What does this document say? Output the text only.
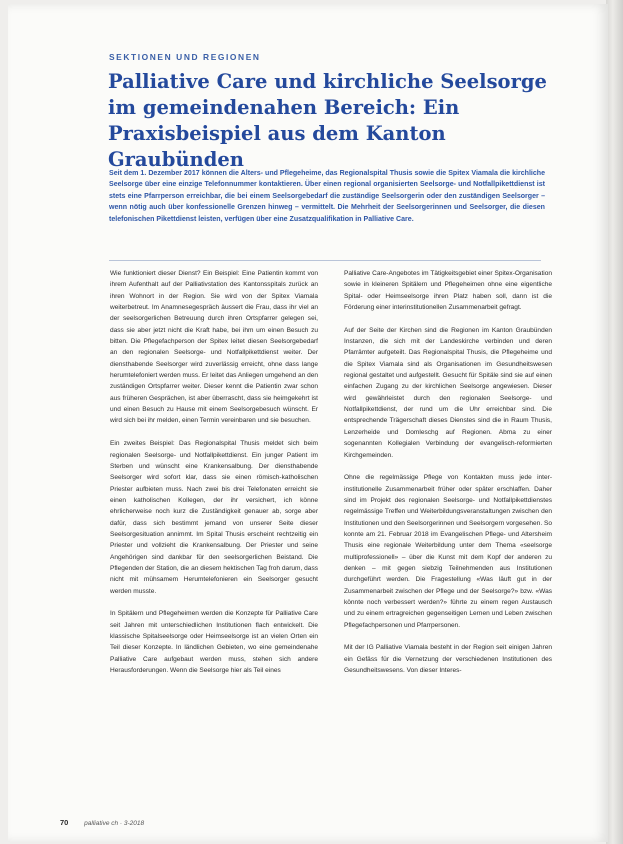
SEKTIONEN UND REGIONEN
Palliative Care und kirchliche Seelsorge im gemeindenahen Bereich: Ein Praxisbeispiel aus dem Kanton Graubünden

Seit dem 1. Dezember 2017 können die Alters- und Pflegeheime, das Regionalspital Thusis sowie die Spitex Viamala die kirchliche Seelsorge über eine einzige Telefonnummer kontaktieren. Über einen regional organisierten Seelsorge- und Notfallpikettdienst ist stets eine Pfarrperson erreichbar, die bei einem Seelsorgebedarf die zuständige Seelsorgerin oder den zuständigen Seelsorger – wenn nötig auch über konfessionelle Grenzen hinweg – vermittelt. Die Mehrheit der Seelsorgerinnen und Seelsorger, die diesen telefonischen Pikettdienst leisten, verfügen über eine Zusatzqualifikation in Palliative Care.

Wie funktioniert dieser Dienst? Ein Beispiel: Eine Patientin kommt von ihrem Aufenthalt auf der Palliativstation des Kantonsspitals zurück an ihren Wohnort in der Region. Sie wird von der Spitex Viamala weiterbetreut. Im Anamnesegespräch äussert die Frau, dass ihr viel an der seelsorgerlichen Betreuung durch ihren Ortspfarrer gelegen sei, dass sie aber jetzt nicht die Kraft habe, bei ihm um einen Besuch zu bitten. Die Pflegefachperson der Spitex leitet diesen Seelsorgebedarf an den regionalen Seelsorge- und Notfallpikettdienst weiter. Der diensthabende Seelsorger wird zuverlässig erreicht, ohne dass lange herumtelefoniert werden muss. Er leitet das Anliegen umgehend an den zuständigen Ortspfarrer weiter. Dieser kennt die Patientin zwar schon aus früheren Gesprächen, ist aber überrascht, dass sie heimgekehrt ist und einen Besuch zu Hause mit einem Seelsorgebesuch wünscht. Er wird sich bei ihr melden, einen Termin vereinbaren und sie besuchen.

Ein zweites Beispiel: Das Regionalspital Thusis meldet sich beim regionalen Seelsorge- und Notfallpikettdienst. Ein junger Patient im Sterben und wünscht eine Krankensalbung. Der diensthabende Seelsorger wird sofort klar, dass sie einen römisch-katholischen Priester aufbieten muss. Nach zwei bis drei Telefonaten erreicht sie einen katholischen Kollegen, der ihr versichert, ich könne ehrlicherweise noch kurz die Zuständigkeit genauer ab, sorge aber dafür, dass sich bestimmt jemand von unserer Seite dieser Seelsorgesituation annimmt. Im Spital Thusis erscheint rechtzeitig ein Priester und vollzieht die Krankensalbung. Der Priester und seine Angehörigen sind dankbar für den seelsorgerlichen Beistand. Die Pflegenden der Station, die an diesem hektischen Tag froh darum, dass nicht mit mühsamem Herumtelefonieren ein Seelsorger gesucht werden musste.

In Spitälern und Pflegeheimen werden die Konzepte für Palliative Care seit Jahren mit unterschiedlichen Institutionen flach entwickelt. Die klassische Spitalseelsorge oder Heimseelsorge ist an vielen Orten ein Teil dieser Konzepte. In ländlichen Gebieten, wo eine gemeindenahe Palliative Care aufgebaut werden muss, stehen sich andere Herausforderungen. Wenn die Seelsorge hier als Teil eines

Palliative Care-Angebotes im Tätigkeitsgebiet einer Spitex-Organisation sowie in kleineren Spitälern und Pflegeheimen ohne eine eigentliche Spital- oder Heimseelsorge ihren Platz haben soll, dann ist die Förderung einer interinstitutionellen Zusammenarbeit gefragt.

Auf der Seite der Kirchen sind die Regionen im Kanton Graubünden Instanzen, die sich mit der Landeskirche verbinden und deren Pfarrämter aufgeteilt. Das Regionalspital Thusis, die Pflegeheime und die Spitex Viamala sind als Organisationen im Gesundheitswesen regional gestaltet und aufgestellt. Gesucht für Spitäle sind sie auf einen einfachen Zugang zu der kirchlichen Seelsorge angewiesen. Dieser wird gewährleistet durch den regionalen Seelsorge- und Notfallpikettdienst, der rund um die Uhr erreichbar sind. Die entsprechende Trägerschaft dieses Dienstes sind die in Raum Thusis, Lenzerheide und Domleschg auf Regionen. Abma zu einer sogenannten Kollegialen Verbindung der evangelisch-reformierten Kirchgemeinden.

Ohne die regelmässige Pflege von Kontakten muss jede inter-institutionelle Zusammenarbeit früher oder später erschlaffen. Daher sind im Projekt des regionalen Seelsorge- und Notfallpikettdienstes regelmässige Treffen und Weiterbildungsveranstaltungen zwischen den Institutionen und den Seelsorgerinnen und Seelsorgern vorgesehen. So konnte am 21. Februar 2018 im Evangelischen Pflege- und Altersheim Thusis eine regionale Weiterbildung unter dem Thema «seelsorge multiprofessionell» – über die Kunst mit dem Kopf der anderen zu denken – mit gegen siebzig Teilnehmenden aus Institutionen durchgeführt werden. Die Fragestellung «Was läuft gut in der Zusammenarbeit zwischen der Pflege und der Seelsorge?» bzw. «Was könnte noch verbessert werden?» führte zu einem regen Austausch und zu einem ertragreichen gegenseitigen Lernen und Leben zwischen Pflegefachpersonen und Pfarrpersonen.

Mit der IG Palliative Viamala besteht in der Region seit einigen Jahren ein Gefäss für die Vernetzung der verschiedenen Institutionen des Gesundheitswesens. Von dieser Interes-

70 palliative ch · 3-2018
